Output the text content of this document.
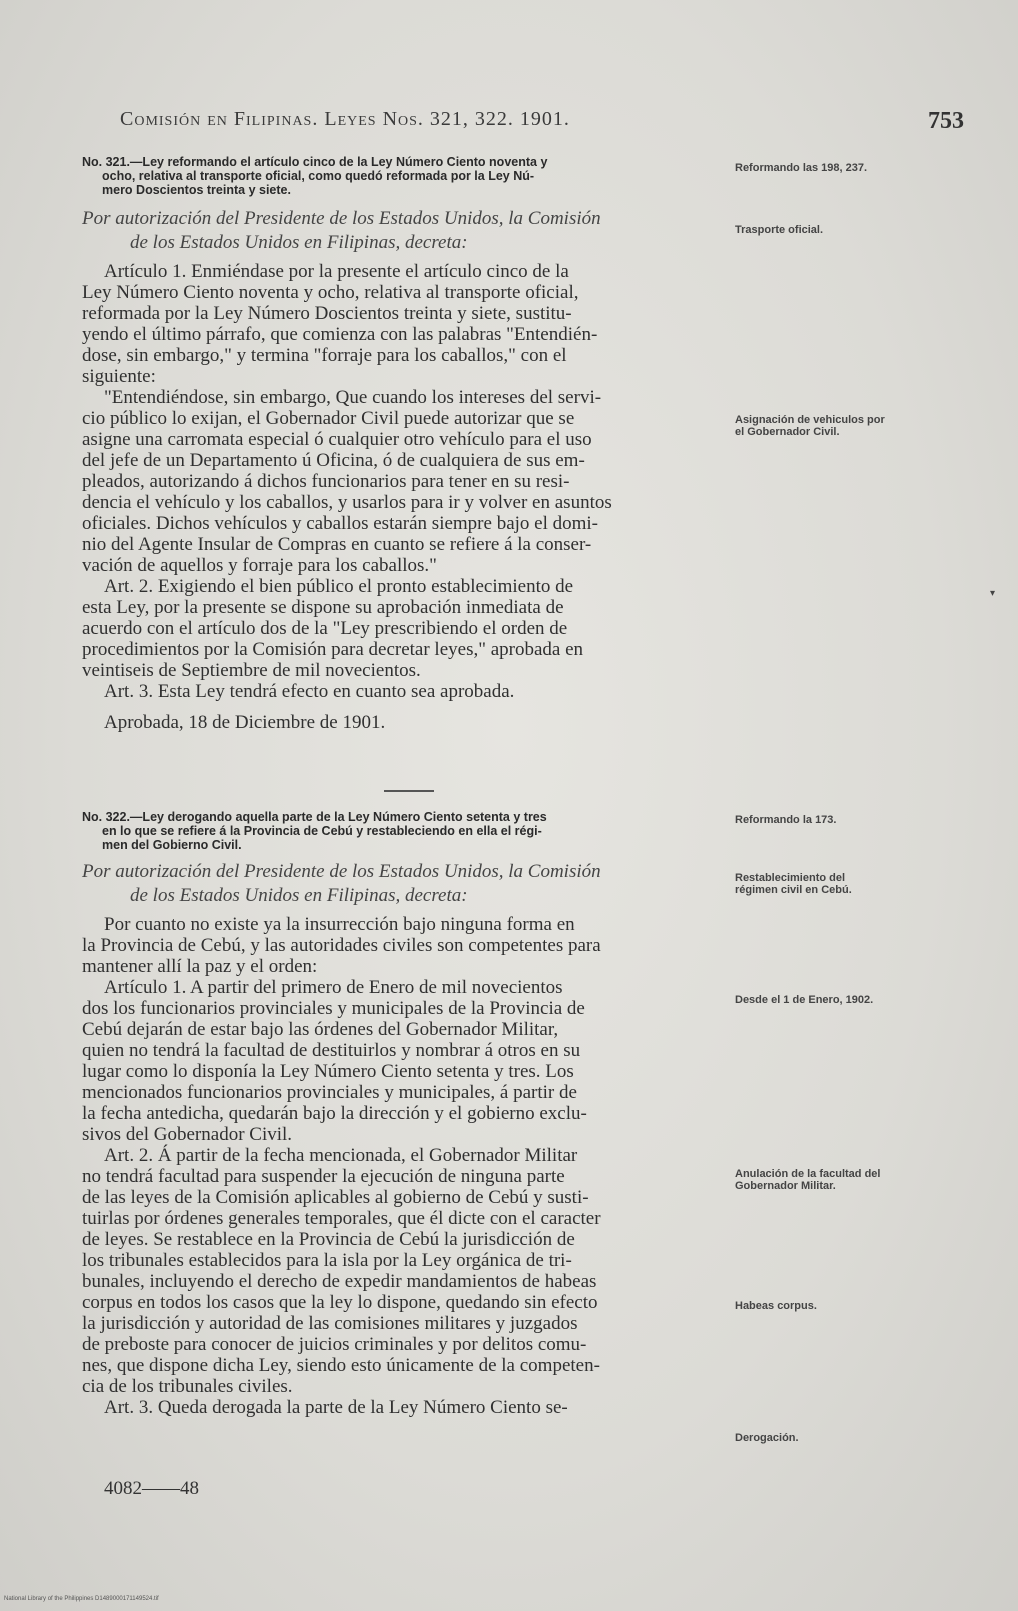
Comisión en Filipinas. Leyes Nos. 321, 322. 1901.	753

No. 321.—Ley reformando el artículo cinco de la Ley Número Ciento noventa y

ocho, relativa al transporte oficial, como quedó reformada por la Ley Nú-
mero Doscientos treinta y siete.

Por autorización del Presidente de los Estados Unidos, la Comisión
de los Estados Unidos en Filipinas, decreta:

Artículo 1. Enmiéndase por la presente el artículo cinco de la

Ley Número Ciento noventa y ocho, relativa al transporte oficial,

reformada por la Ley Número Doscientos treinta y siete, sustitu-

yendo el último párrafo, que comienza con las palabras "Entendién-

dose, sin embargo," y termina "forraje para los caballos," con el

siguiente:

"Entendiéndose, sin embargo, Que cuando los intereses del servi-

cio público lo exijan, el Gobernador Civil puede autorizar que se

asigne una carromata especial ó cualquier otro vehículo para el uso

del jefe de un Departamento ú Oficina, ó de cualquiera de sus em-

pleados, autorizando á dichos funcionarios para tener en su resi-

dencia el vehículo y los caballos, y usarlos para ir y volver en asuntos

oficiales. Dichos vehículos y caballos estarán siempre bajo el domi-

nio del Agente Insular de Compras en cuanto se refiere á la conser-

vación de aquellos y forraje para los caballos."

Art. 2. Exigiendo el bien público el pronto establecimiento de

esta Ley, por la presente se dispone su aprobación inmediata de

acuerdo con el artículo dos de la "Ley prescribiendo el orden de

procedimientos por la Comisión para decretar leyes," aprobada en

veintiseis de Septiembre de mil novecientos.

Art. 3. Esta Ley tendrá efecto en cuanto sea aprobada.

Aprobada, 18 de Diciembre de 1901.

No. 322.—Ley derogando aquella parte de la Ley Número Ciento setenta y tres

en lo que se refiere á la Provincia de Cebú y restableciendo en ella el régi-
men del Gobierno Civil.

Por autorización del Presidente de los Estados Unidos, la Comisión
de los Estados Unidos en Filipinas, decreta:

Por cuanto no existe ya la insurrección bajo ninguna forma en

la Provincia de Cebú, y las autoridades civiles son competentes para

mantener allí la paz y el orden:

Artículo 1. A partir del primero de Enero de mil novecientos

dos los funcionarios provinciales y municipales de la Provincia de

Cebú dejarán de estar bajo las órdenes del Gobernador Militar,

quien no tendrá la facultad de destituirlos y nombrar á otros en su

lugar como lo disponía la Ley Número Ciento setenta y tres. Los

mencionados funcionarios provinciales y municipales, á partir de

la fecha antedicha, quedarán bajo la dirección y el gobierno exclu-

sivos del Gobernador Civil.

Art. 2. Á partir de la fecha mencionada, el Gobernador Militar

no tendrá facultad para suspender la ejecución de ninguna parte

de las leyes de la Comisión aplicables al gobierno de Cebú y susti-

tuirlas por órdenes generales temporales, que él dicte con el caracter

de leyes. Se restablece en la Provincia de Cebú la jurisdicción de

los tribunales establecidos para la isla por la Ley orgánica de tri-

bunales, incluyendo el derecho de expedir mandamientos de habeas

corpus en todos los casos que la ley lo dispone, quedando sin efecto

la jurisdicción y autoridad de las comisiones militares y juzgados

de preboste para conocer de juicios criminales y por delitos comu-

nes, que dispone dicha Ley, siendo esto únicamente de la competen-

cia de los tribunales civiles.

Art. 3. Queda derogada la parte de la Ley Número Ciento se-

Reformando las 198, 237.
Trasporte oficial.
Asignación de vehiculos por el Gobernador Civil.
Reformando la 173.
Restablecimiento del régimen civil en Cebú.
Desde el 1 de Enero, 1902.
Anulación de la facultad del Gobernador Militar.
Habeas corpus.
Derogación.
4082——48
▾
National Library of the Philippines D1489000171149524.tif
